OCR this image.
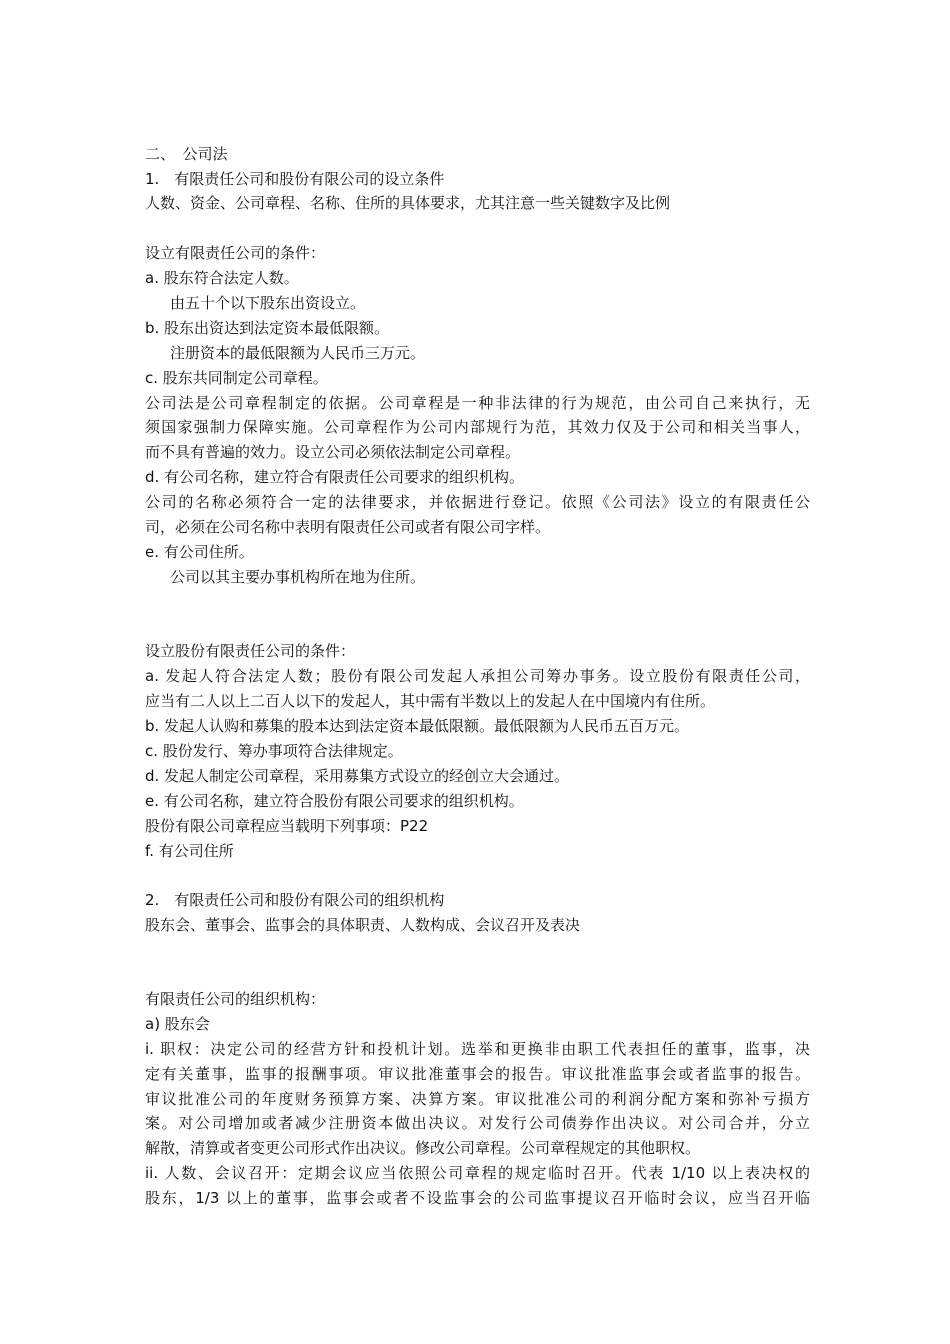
二、　公司法
1.　有限责任公司和股份有限公司的设立条件
人数、资金、公司章程、名称、住所的具体要求，尤其注意一些关键数字及比例
设立有限责任公司的条件：
a. 股东符合法定人数。
由五十个以下股东出资设立。
b. 股东出资达到法定资本最低限额。
注册资本的最低限额为人民币三万元。
c. 股东共同制定公司章程。
公司法是公司章程制定的依据。公司章程是一种非法律的行为规范，由公司自己来执行，无
须国家强制力保障实施。公司章程作为公司内部规行为范，其效力仅及于公司和相关当事人，
而不具有普遍的效力。设立公司必须依法制定公司章程。
d. 有公司名称，建立符合有限责任公司要求的组织机构。
公司的名称必须符合一定的法律要求，并依据进行登记。依照《公司法》设立的有限责任公
司，必须在公司名称中表明有限责任公司或者有限公司字样。
e. 有公司住所。
公司以其主要办事机构所在地为住所。
设立股份有限责任公司的条件：
a. 发起人符合法定人数；股份有限公司发起人承担公司筹办事务。设立股份有限责任公司，
应当有二人以上二百人以下的发起人，其中需有半数以上的发起人在中国境内有住所。
b. 发起人认购和募集的股本达到法定资本最低限额。最低限额为人民币五百万元。
c. 股份发行、筹办事项符合法律规定。
d. 发起人制定公司章程，采用募集方式设立的经创立大会通过。
e. 有公司名称，建立符合股份有限公司要求的组织机构。
股份有限公司章程应当载明下列事项：P22
f. 有公司住所
2.　有限责任公司和股份有限公司的组织机构
股东会、董事会、监事会的具体职责、人数构成、会议召开及表决
有限责任公司的组织机构：
a) 股东会
i. 职权：决定公司的经营方针和投机计划。选举和更换非由职工代表担任的董事，监事，决
定有关董事，监事的报酬事项。审议批准董事会的报告。审议批准监事会或者监事的报告。
审议批准公司的年度财务预算方案、决算方案。审议批准公司的利润分配方案和弥补亏损方
案。对公司增加或者减少注册资本做出决议。对发行公司债券作出决议。对公司合并，分立
解散，清算或者变更公司形式作出决议。修改公司章程。公司章程规定的其他职权。
ii. 人数、会议召开：定期会议应当依照公司章程的规定临时召开。代表 1/10 以上表决权的
股东，1/3 以上的董事，监事会或者不设监事会的公司监事提议召开临时会议，应当召开临
